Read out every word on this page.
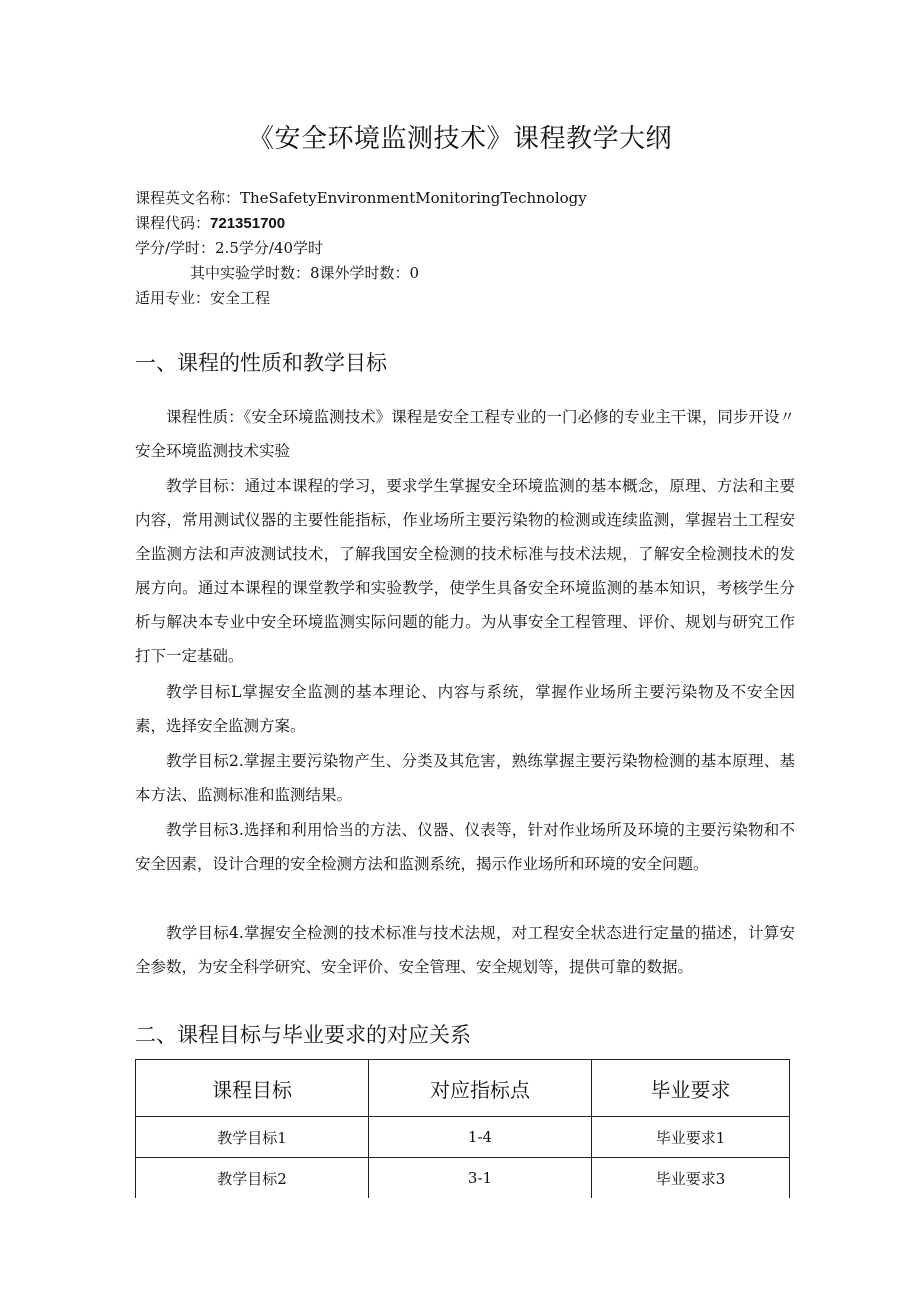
《安全环境监测技术》课程教学大纲
课程英文名称：TheSafetyEnvironmentMonitoringTechnology
课程代码：721351700
学分/学时：2.5学分/40学时
其中实验学时数：8课外学时数：0
适用专业：安全工程
一、课程的性质和教学目标
课程性质：《安全环境监测技术》课程是安全工程专业的一门必修的专业主干课，同步开设〃安全环境监测技术实验
教学目标：通过本课程的学习，要求学生掌握安全环境监测的基本概念，原理、方法和主要内容，常用测试仪器的主要性能指标，作业场所主要污染物的检测或连续监测，掌握岩土工程安全监测方法和声波测试技术，了解我国安全检测的技术标准与技术法规，了解安全检测技术的发展方向。通过本课程的课堂教学和实验教学，使学生具备安全环境监测的基本知识，考核学生分析与解决本专业中安全环境监测实际问题的能力。为从事安全工程管理、评价、规划与研究工作打下一定基础。
教学目标L掌握安全监测的基本理论、内容与系统，掌握作业场所主要污染物及不安全因素，选择安全监测方案。
教学目标2.掌握主要污染物产生、分类及其危害，熟练掌握主要污染物检测的基本原理、基本方法、监测标准和监测结果。
教学目标3.选择和利用恰当的方法、仪器、仪表等，针对作业场所及环境的主要污染物和不安全因素，设计合理的安全检测方法和监测系统，揭示作业场所和环境的安全问题。
教学目标4.掌握安全检测的技术标准与技术法规，对工程安全状态进行定量的描述，计算安全参数，为安全科学研究、安全评价、安全管理、安全规划等，提供可靠的数据。
二、课程目标与毕业要求的对应关系
课程目标	对应指标点	毕业要求
教学目标1	1-4	毕业要求1
教学目标2	3-1	毕业要求3
